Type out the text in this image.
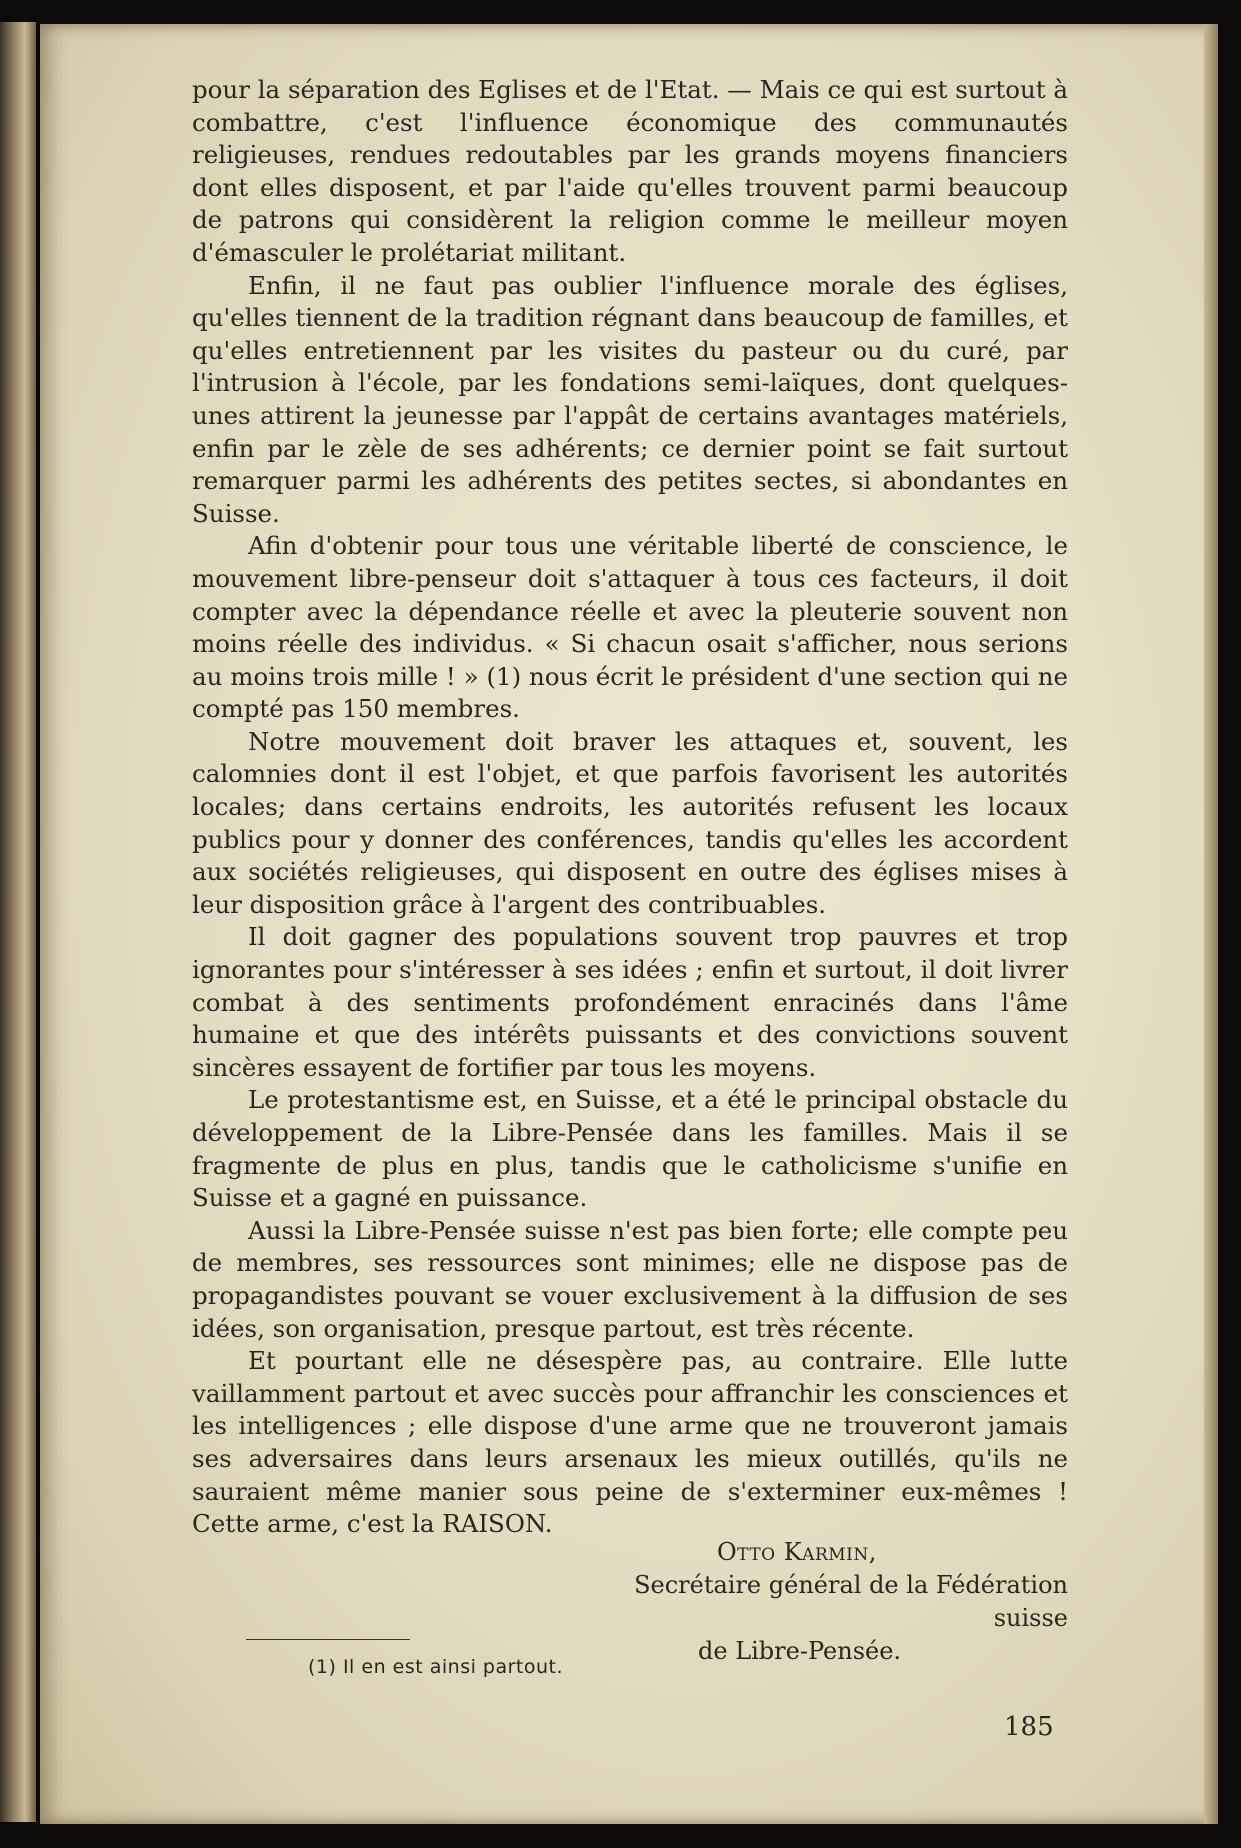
pour la séparation des Eglises et de l'Etat. — Mais ce qui est surtout à combattre, c'est l'influence économique des communautés religieuses, rendues redoutables par les grands moyens financiers dont elles disposent, et par l'aide qu'elles trouvent parmi beaucoup de patrons qui considèrent la religion comme le meilleur moyen d'émasculer le prolétariat militant.

Enfin, il ne faut pas oublier l'influence morale des églises, qu'elles tiennent de la tradition régnant dans beaucoup de familles, et qu'elles entretiennent par les visites du pasteur ou du curé, par l'intrusion à l'école, par les fondations semi-laïques, dont quelques-unes attirent la jeunesse par l'appât de certains avantages matériels, enfin par le zèle de ses adhérents; ce dernier point se fait surtout remarquer parmi les adhérents des petites sectes, si abondantes en Suisse.

Afin d'obtenir pour tous une véritable liberté de conscience, le mouvement libre-penseur doit s'attaquer à tous ces facteurs, il doit compter avec la dépendance réelle et avec la pleuterie souvent non moins réelle des individus. « Si chacun osait s'afficher, nous serions au moins trois mille ! » (1) nous écrit le président d'une section qui ne compté pas 150 membres.

Notre mouvement doit braver les attaques et, souvent, les calomnies dont il est l'objet, et que parfois favorisent les autorités locales; dans certains endroits, les autorités refusent les locaux publics pour y donner des conférences, tandis qu'elles les accordent aux sociétés religieuses, qui disposent en outre des églises mises à leur disposition grâce à l'argent des contribuables.

Il doit gagner des populations souvent trop pauvres et trop ignorantes pour s'intéresser à ses idées ; enfin et surtout, il doit livrer combat à des sentiments profondément enracinés dans l'âme humaine et que des intérêts puissants et des convictions souvent sincères essayent de fortifier par tous les moyens.

Le protestantisme est, en Suisse, et a été le principal obstacle du développement de la Libre-Pensée dans les familles. Mais il se fragmente de plus en plus, tandis que le catholicisme s'unifie en Suisse et a gagné en puissance.

Aussi la Libre-Pensée suisse n'est pas bien forte; elle compte peu de membres, ses ressources sont minimes; elle ne dispose pas de propagandistes pouvant se vouer exclusivement à la diffusion de ses idées, son organisation, presque partout, est très récente.

Et pourtant elle ne désespère pas, au contraire. Elle lutte vaillamment partout et avec succès pour affranchir les consciences et les intelligences ; elle dispose d'une arme que ne trouveront jamais ses adversaires dans leurs arsenaux les mieux outillés, qu'ils ne sauraient même manier sous peine de s'exterminer eux-mêmes ! Cette arme, c'est la RAISON.

Otto Karmin,
Secrétaire général de la Fédération suisse
de Libre-Pensée.
(1) Il en est ainsi partout.
185
